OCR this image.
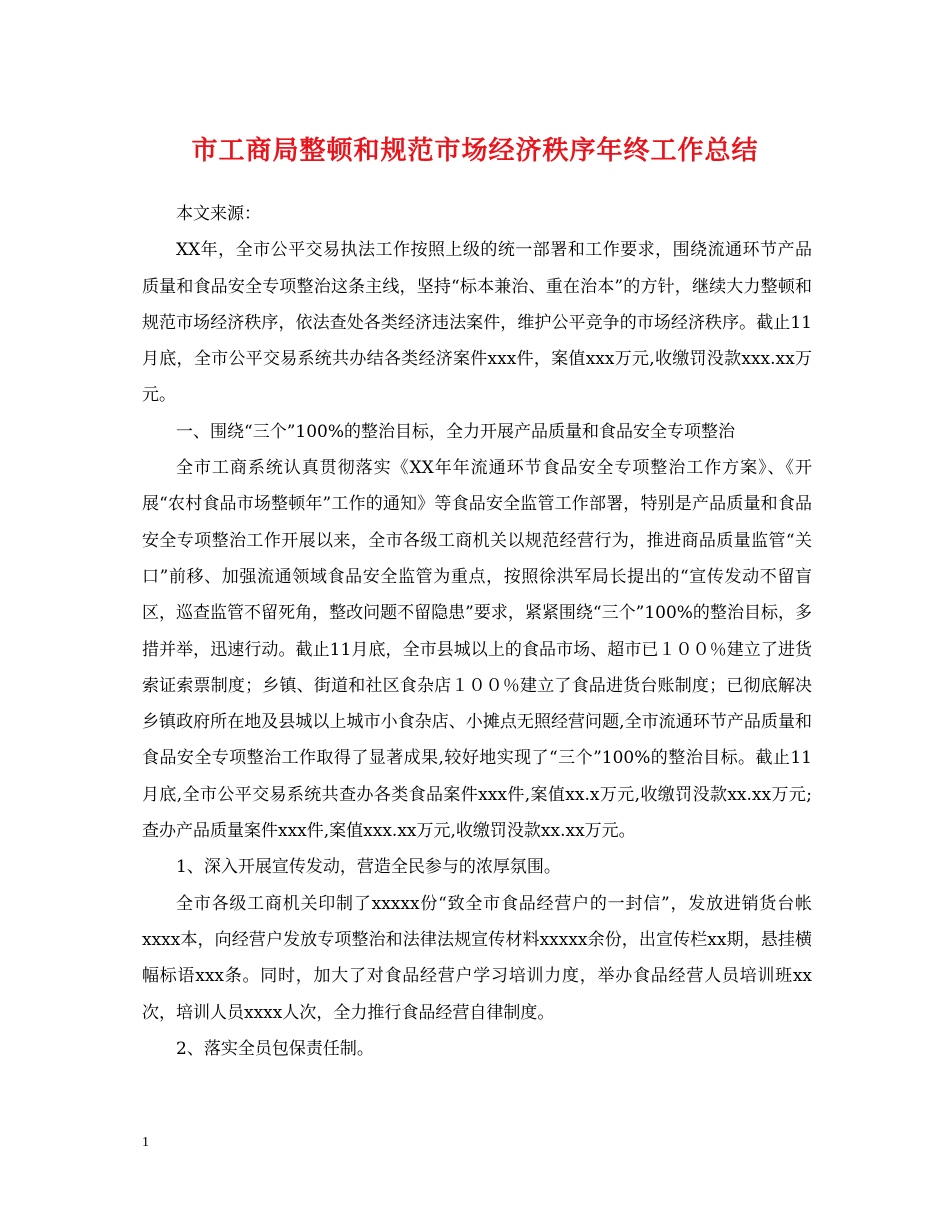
市工商局整顿和规范市场经济秩序年终工作总结

本文来源：

XX年，全市公平交易执法工作按照上级的统一部署和工作要求，围绕流通环节产品质量和食品安全专项整治这条主线，坚持“标本兼治、重在治本”的方针，继续大力整顿和规范市场经济秩序，依法查处各类经济违法案件，维护公平竞争的市场经济秩序。截止11月底，全市公平交易系统共办结各类经济案件xxx件，案值xxx万元,收缴罚没款xxx.xx万元。

一、围绕“三个”100%的整治目标，全力开展产品质量和食品安全专项整治

全市工商系统认真贯彻落实《XX年年流通环节食品安全专项整治工作方案》、《开展“农村食品市场整顿年”工作的通知》等食品安全监管工作部署，特别是产品质量和食品安全专项整治工作开展以来，全市各级工商机关以规范经营行为，推进商品质量监管“关口”前移、加强流通领域食品安全监管为重点，按照徐洪军局长提出的“宣传发动不留盲区，巡查监管不留死角，整改问题不留隐患”要求，紧紧围绕“三个”100%的整治目标，多措并举，迅速行动。截止11月底，全市县城以上的食品市场、超市已１００％建立了进货索证索票制度；乡镇、街道和社区食杂店１００％建立了食品进货台账制度；已彻底解决乡镇政府所在地及县城以上城市小食杂店、小摊点无照经营问题,全市流通环节产品质量和食品安全专项整治工作取得了显著成果,较好地实现了“三个”100%的整治目标。截止11月底,全市公平交易系统共查办各类食品案件xxx件,案值xx.x万元,收缴罚没款xx.xx万元;查办产品质量案件xxx件,案值xxx.xx万元,收缴罚没款xx.xx万元。

1、深入开展宣传发动，营造全民参与的浓厚氛围。

全市各级工商机关印制了xxxxx份“致全市食品经营户的一封信”，发放进销货台帐xxxx本，向经营户发放专项整治和法律法规宣传材料xxxxx余份，出宣传栏xx期，悬挂横幅标语xxx条。同时，加大了对食品经营户学习培训力度，举办食品经营人员培训班xx次，培训人员xxxx人次，全力推行食品经营自律制度。

2、落实全员包保责任制。

1
